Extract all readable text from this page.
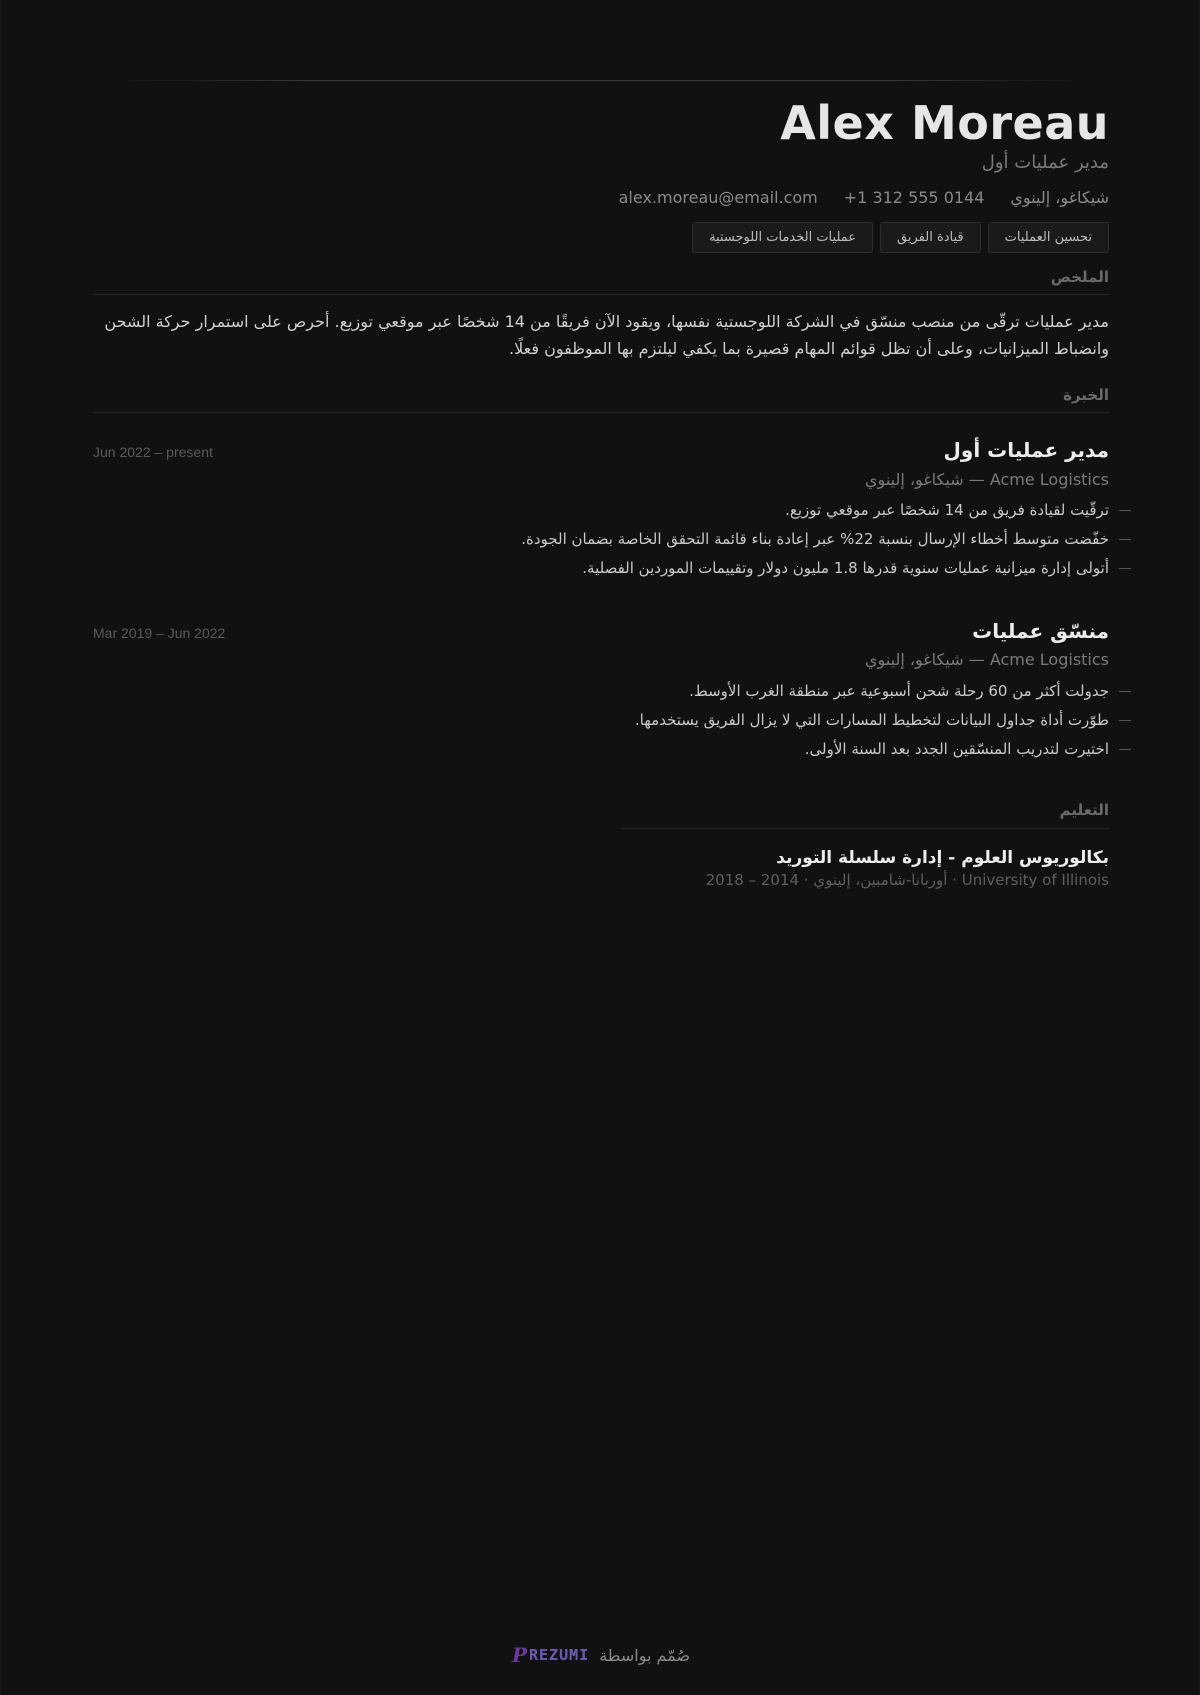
Alex Moreau
مدير عمليات أول
alex.moreau@email.com +1 312 555 0144 شيكاغو، إلينوي
عمليات الخدمات اللوجستية	قيادة الفريق	تحسين العمليات
الملخص

مدير عمليات ترقّى من منصب منسّق في الشركة اللوجستية نفسها، ويقود الآن فريقًا من 14 شخصًا عبر موقعي توزيع. أحرص على استمرار حركة الشحن وانضباط الميزانيات، وعلى أن تظل قوائم المهام قصيرة بما يكفي ليلتزم بها الموظفون فعلًا.

الخبرة
مدير عمليات أول
Jun 2022 – present
Acme Logistics — شيكاغو، إلينوي
ترقّيت لقيادة فريق من 14 شخصًا عبر موقعي توزيع.
خفّضت متوسط أخطاء الإرسال بنسبة 22% عبر إعادة بناء قائمة التحقق الخاصة بضمان الجودة.
أتولى إدارة ميزانية عمليات سنوية قدرها 1.8 مليون دولار وتقييمات الموردين الفصلية.
منسّق عمليات
Mar 2019 – Jun 2022
Acme Logistics — شيكاغو، إلينوي
جدولت أكثر من 60 رحلة شحن أسبوعية عبر منطقة الغرب الأوسط.
طوّرت أداة جداول البيانات لتخطيط المسارات التي لا يزال الفريق يستخدمها.
اختيرت لتدريب المنسّقين الجدد بعد السنة الأولى.
التعليم
بكالوريوس العلوم - إدارة سلسلة التوريد
University of Illinois · أوربانا-شامبين، إلينوي · 2014 – 2018
P REZUMI صُمّم بواسطة
